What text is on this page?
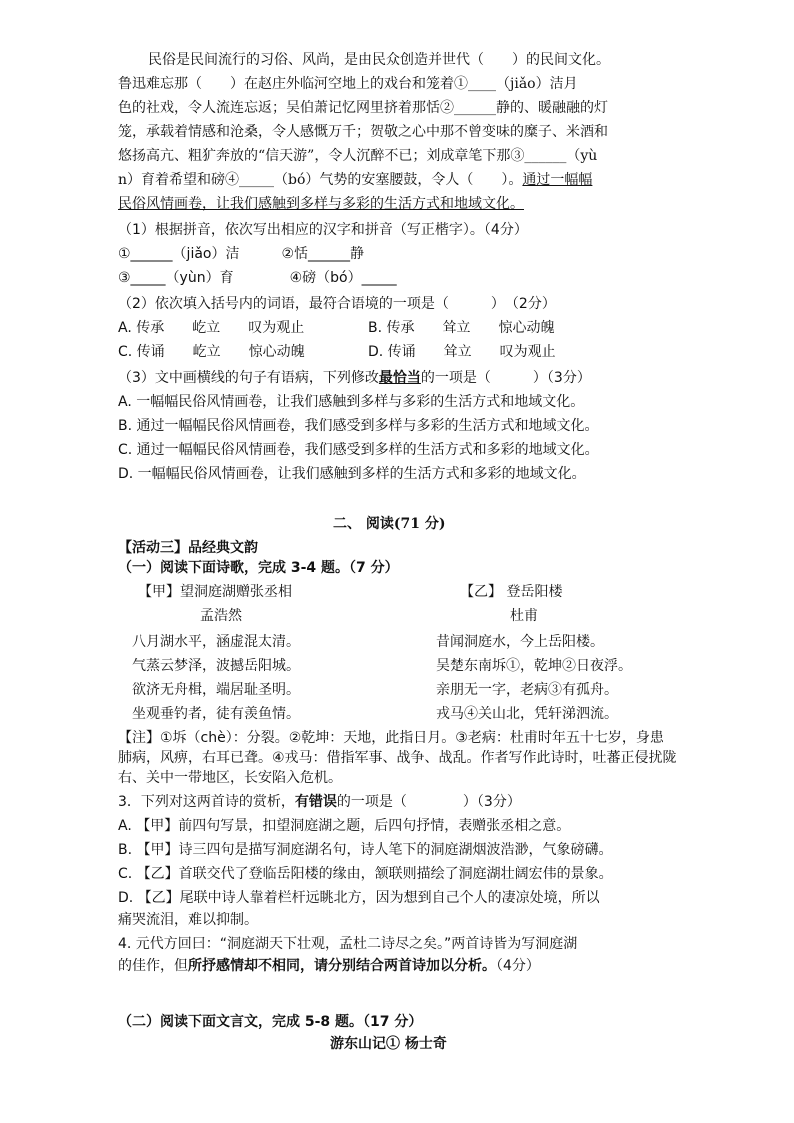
民俗是民间流行的习俗、风尚，是由民众创造并世代（　　）的民间文化。
鲁迅难忘那（　　）在赵庄外临河空地上的戏台和笼着①____（jiǎo）洁月
色的社戏，令人流连忘返；吴伯萧记忆网里挤着那恬②______静的、暖融融的灯
笼，承载着情感和沧桑，令人感慨万千；贺敬之心中那不曾变味的糜子、米酒和
悠扬高亢、粗犷奔放的“信天游”，令人沉醉不已；刘成章笔下那③______（yù
n）育着希望和磅④_____（bó）气势的安塞腰鼓，令人（　　）。通过一幅幅
民俗风情画卷，让我们感触到多样与多彩的生活方式和地域文化。
（1）根据拼音，依次写出相应的汉字和拼音（写正楷字）。（4分）
①______（jiǎo）洁　　　②恬______静
③_____（yùn）育　　　　④磅（bó）_____
（2）依次填入括号内的词语，最符合语境的一项是（　　　）　（2分）
A. 传承　　屹立　　叹为观止	B. 传承　　耸立　　惊心动魄
C. 传诵　　屹立　　惊心动魄	D. 传诵　　耸立　　叹为观止
（3）文中画横线的句子有语病，下列修改最恰当的一项是（　　　）（3分）
A. 一幅幅民俗风情画卷，让我们感触到多样与多彩的生活方式和地域文化。
B. 通过一幅幅民俗风情画卷，我们感受到多样与多彩的生活方式和地域文化。
C. 通过一幅幅民俗风情画卷，我们感受到多样的生活方式和多彩的地域文化。
D. 一幅幅民俗风情画卷，让我们感触到多样的生活方式和多彩的地域文化。
二、 阅读(71 分)
【活动三】品经典文韵
（一）阅读下面诗歌，完成 3-4 题。（7 分）
【甲】望洞庭湖赠张丞相
孟浩然
八月湖水平，涵虚混太清。
气蒸云梦泽，波撼岳阳城。
欲济无舟楫，端居耻圣明。
坐观垂钓者，徒有羡鱼情。
【乙】 登岳阳楼
杜甫
昔闻洞庭水，今上岳阳楼。
吴楚东南坼①，乾坤②日夜浮。
亲朋无一字，老病③有孤舟。
戎马④关山北，凭轩涕泗流。
【注】①坼（chè）：分裂。②乾坤：天地，此指日月。③老病：杜甫时年五十七岁，身患
肺病，风痹，右耳已聋。④戎马：借指军事、战争、战乱。作者写作此诗时，吐蕃正侵扰陇
右、关中一带地区，长安陷入危机。
3．下列对这两首诗的赏析，有错误的一项是（　　　　）（3分）
A. 【甲】前四句写景，扣望洞庭湖之题，后四句抒情，表赠张丞相之意。
B. 【甲】诗三四句是描写洞庭湖名句，诗人笔下的洞庭湖烟波浩渺，气象磅礴。
C. 【乙】首联交代了登临岳阳楼的缘由，颔联则描绘了洞庭湖壮阔宏伟的景象。
D. 【乙】尾联中诗人靠着栏杆远眺北方，因为想到自己个人的凄凉处境，所以
痛哭流泪，难以抑制。
4. 元代方回曰：“洞庭湖天下壮观，孟杜二诗尽之矣。”两首诗皆为写洞庭湖
的佳作，但所抒感情却不相同，请分别结合两首诗加以分析。（4分）
（二）阅读下面文言文，完成 5-8 题。（17 分）
游东山记① 杨士奇
